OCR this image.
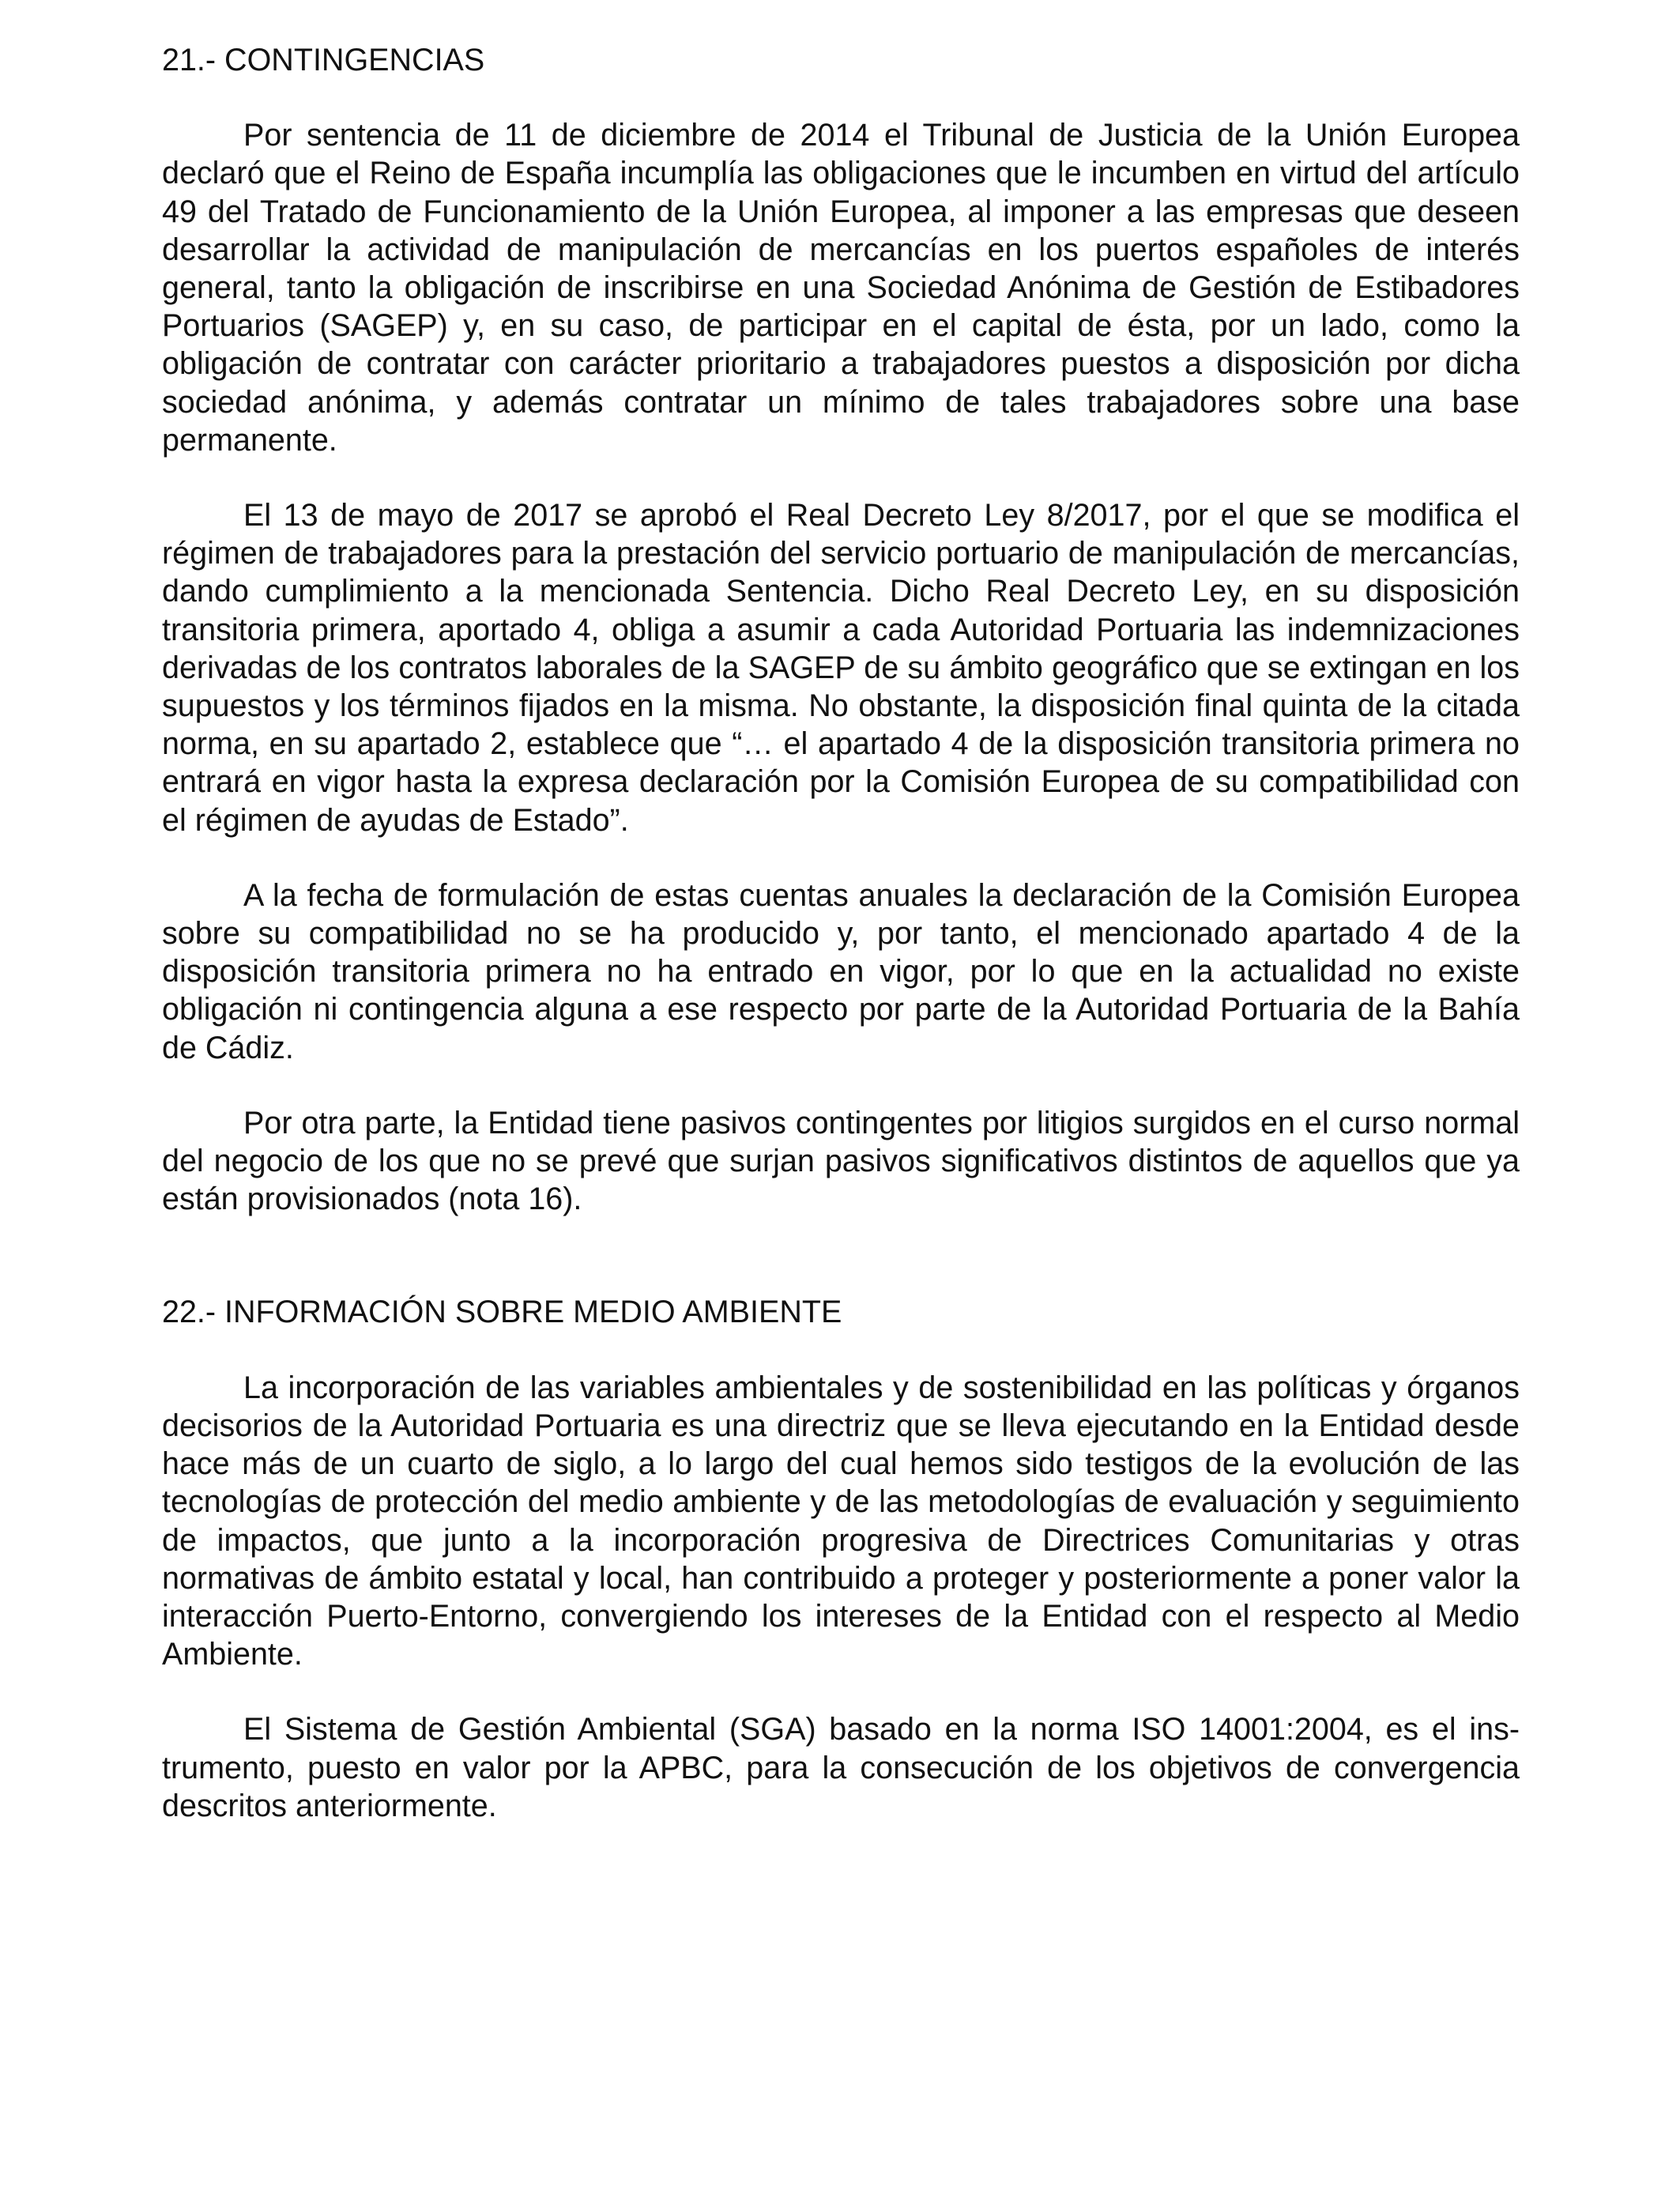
21.- CONTINGENCIAS

Por sentencia de 11 de diciembre de 2014 el Tribunal de Justicia de la Unión Europea declaró que el Reino de España incumplía las obligaciones que le incumben en virtud del artículo 49 del Tratado de Funcionamiento de la Unión Europea, al imponer a las empresas que deseen desarrollar la actividad de manipulación de mercancías en los puertos españoles de interés general, tanto la obligación de inscribirse en una Sociedad Anónima de Gestión de Estibadores Portuarios (SAGEP) y, en su caso, de participar en el capital de ésta, por un lado, como la obligación de contratar con carácter prioritario a trabajadores puestos a disposición por dicha sociedad anónima, y además contratar un mínimo de tales trabajadores sobre una base permanente.

El 13 de mayo de 2017 se aprobó el Real Decreto Ley 8/2017, por el que se modifica el régimen de trabajadores para la prestación del servicio portuario de manipulación de mercancías, dando cumplimiento a la mencionada Sentencia. Dicho Real Decreto Ley, en su disposición transitoria primera, aportado 4, obliga a asumir a cada Autoridad Portuaria las indemnizaciones derivadas de los contratos laborales de la SAGEP de su ámbito geográfico que se extingan en los supuestos y los términos fijados en la misma. No obstante, la disposición final quinta de la citada norma, en su apartado 2, establece que “… el apartado 4 de la disposición transitoria primera no entrará en vigor hasta la expresa declaración por la Comisión Europea de su compatibilidad con el régimen de ayudas de Estado”.

A la fecha de formulación de estas cuentas anuales la declaración de la Comisión Europea sobre su compatibilidad no se ha producido y, por tanto, el mencionado apartado 4 de la disposición transitoria primera no ha entrado en vigor, por lo que en la actualidad no existe obligación ni contingencia alguna a ese respecto por parte de la Autoridad Portuaria de la Bahía de Cádiz.

Por otra parte, la Entidad tiene pasivos contingentes por litigios surgidos en el curso normal del negocio de los que no se prevé que surjan pasivos significativos distintos de aquellos que ya están provisionados (nota 16).

22.- INFORMACIÓN SOBRE MEDIO AMBIENTE

La incorporación de las variables ambientales y de sostenibilidad en las políticas y órganos decisorios de la Autoridad Portuaria es una directriz que se lleva ejecutando en la Entidad desde hace más de un cuarto de siglo, a lo largo del cual hemos sido testigos de la evolución de las tecnologías de protección del medio ambiente y de las metodologías de evaluación y seguimiento de impactos, que junto a la incorporación progresiva de Directrices Comunitarias y otras normativas de ámbito estatal y local, han contribuido a proteger y posteriormente a poner valor la interacción Puerto-Entorno, convergiendo los intereses de la Entidad con el respecto al Medio Ambiente.

El Sistema de Gestión Ambiental (SGA) basado en la norma ISO 14001:2004, es el instrumento, puesto en valor por la APBC, para la consecución de los objetivos de convergencia descritos anteriormente.
